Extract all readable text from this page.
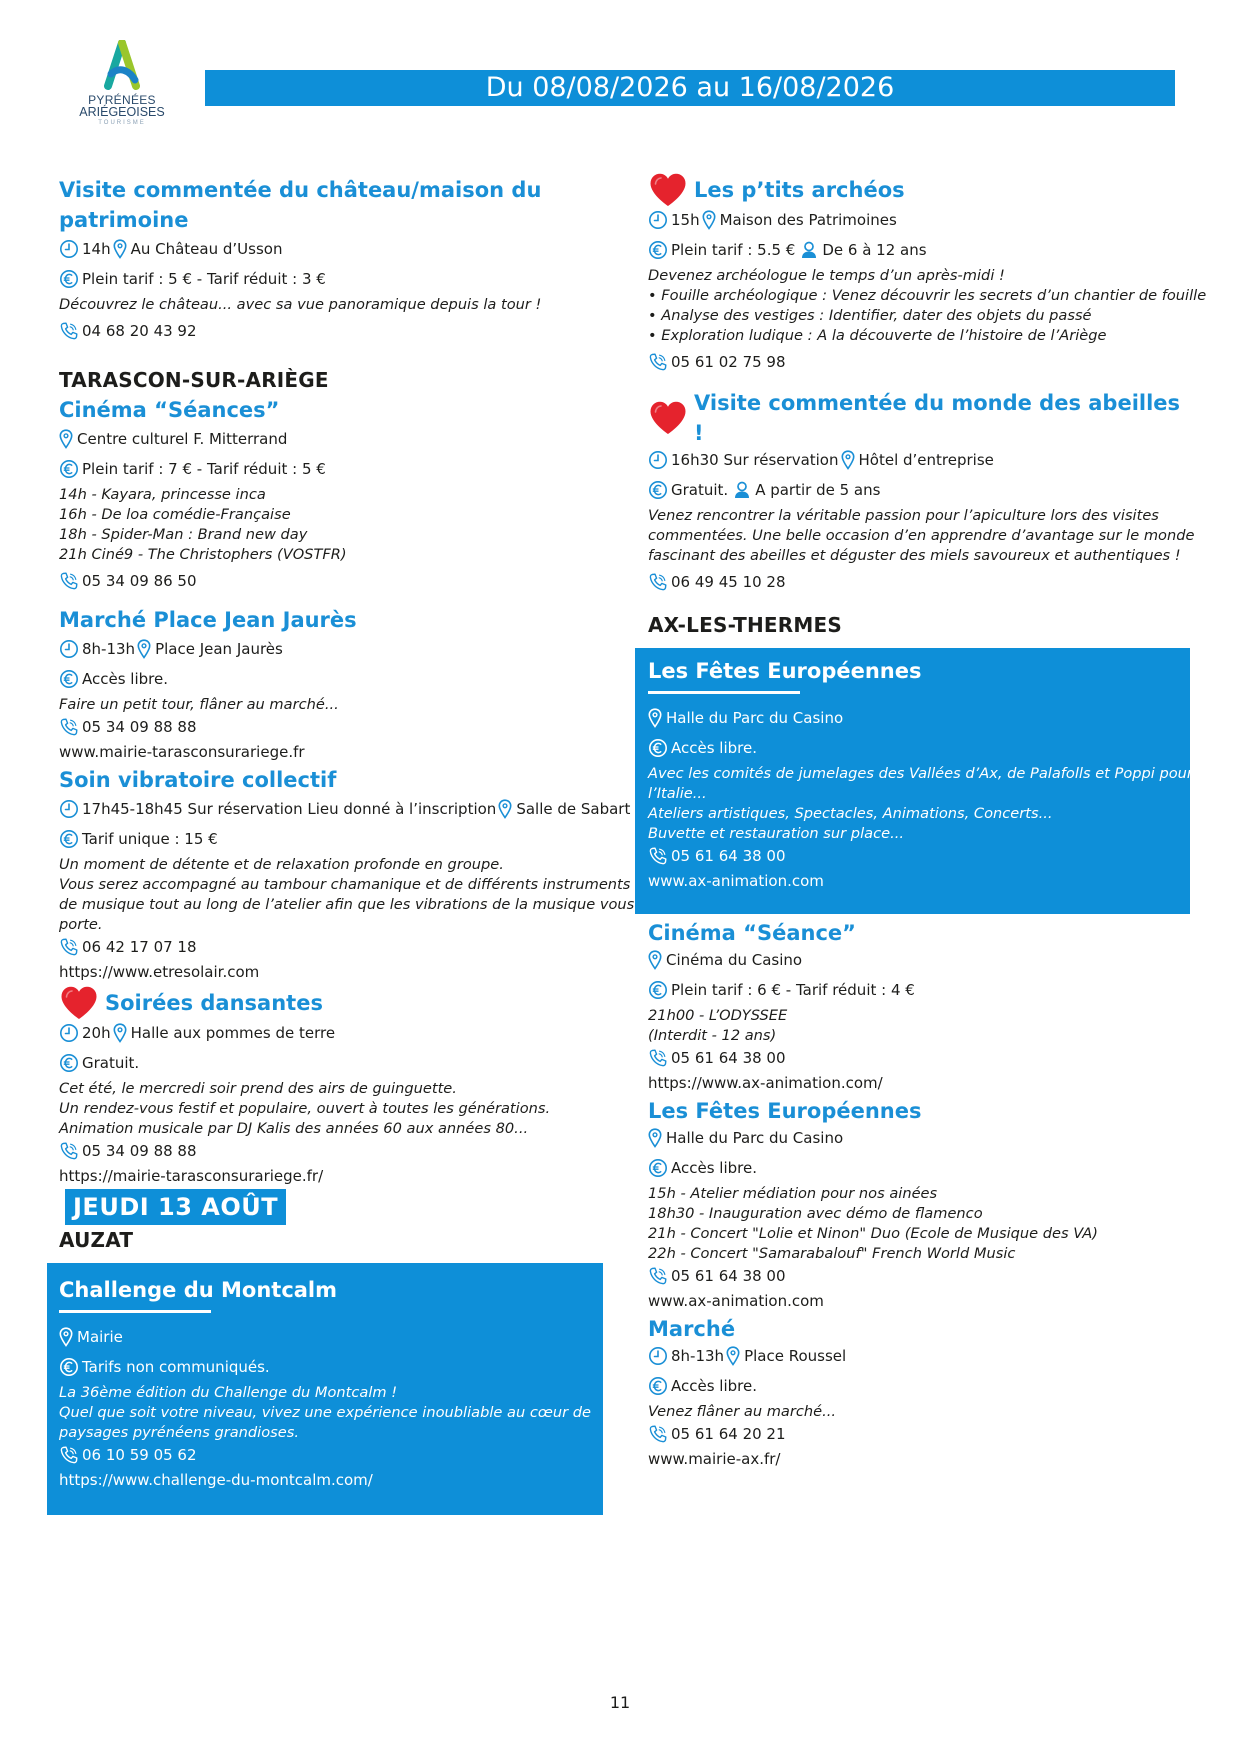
PYRÉNÉES
ARIÉGEOISES
TOURISME
Du 08/08/2026 au 16/08/2026
Visite commentée du château/maison du patrimoine
14h Au Château d’Usson
Plein tarif : 5 € - Tarif réduit : 3 €
Découvrez le château... avec sa vue panoramique depuis la tour !
04 68 20 43 92
TARASCON-SUR-ARIÈGE
Cinéma “Séances”
Centre culturel F. Mitterrand
Plein tarif : 7 € - Tarif réduit : 5 €
14h - Kayara, princesse inca
16h - De loa comédie-Française
18h - Spider-Man : Brand new day
21h Ciné9 - The Christophers (VOSTFR)
05 34 09 86 50
Marché Place Jean Jaurès
8h-13h Place Jean Jaurès
Accès libre.
Faire un petit tour, flâner au marché...
05 34 09 88 88
www.mairie-tarasconsurariege.fr
Soin vibratoire collectif
17h45-18h45 Sur réservation Lieu donné à l’inscription Salle de Sabart
Tarif unique : 15 €
Un moment de détente et de relaxation profonde en groupe.
Vous serez accompagné au tambour chamanique et de différents instruments
de musique tout au long de l’atelier afin que les vibrations de la musique vous
porte.
06 42 17 07 18
https://www.etresolair.com
Soirées dansantes
20h Halle aux pommes de terre
Gratuit.
Cet été, le mercredi soir prend des airs de guinguette.
Un rendez-vous festif et populaire, ouvert à toutes les générations.
Animation musicale par DJ Kalis des années 60 aux années 80...
05 34 09 88 88
https://mairie-tarasconsurariege.fr/
JEUDI 13 AOÛT
AUZAT
Challenge du Montcalm
Mairie
Tarifs non communiqués.
La 36ème édition du Challenge du Montcalm !
Quel que soit votre niveau, vivez une expérience inoubliable au cœur de
paysages pyrénéens grandioses.
06 10 59 05 62
https://www.challenge-du-montcalm.com/
Les p’tits archéos
15h Maison des Patrimoines
Plein tarif : 5.5 € De 6 à 12 ans
Devenez archéologue le temps d’un après-midi !
• Fouille archéologique : Venez découvrir les secrets d’un chantier de fouille
• Analyse des vestiges : Identifier, dater des objets du passé
• Exploration ludique : A la découverte de l’histoire de l’Ariège
05 61 02 75 98
Visite commentée du monde des abeilles !
16h30 Sur réservation Hôtel d’entreprise
Gratuit. A partir de 5 ans
Venez rencontrer la véritable passion pour l’apiculture lors des visites
commentées. Une belle occasion d’en apprendre d’avantage sur le monde
fascinant des abeilles et déguster des miels savoureux et authentiques !
06 49 45 10 28
AX-LES-THERMES
Les Fêtes Européennes
Halle du Parc du Casino
Accès libre.
Avec les comités de jumelages des Vallées d’Ax, de Palafolls et Poppi pour
l’Italie...
Ateliers artistiques, Spectacles, Animations, Concerts...
Buvette et restauration sur place...
05 61 64 38 00
www.ax-animation.com
Cinéma “Séance”
Cinéma du Casino
Plein tarif : 6 € - Tarif réduit : 4 €
21h00 - L’ODYSSEE
(Interdit - 12 ans)
05 61 64 38 00
https://www.ax-animation.com/
Les Fêtes Européennes
Halle du Parc du Casino
Accès libre.
15h - Atelier médiation pour nos ainées
18h30 - Inauguration avec démo de flamenco
21h - Concert "Lolie et Ninon" Duo (Ecole de Musique des VA)
22h - Concert "Samarabalouf" French World Music
05 61 64 38 00
www.ax-animation.com
Marché
8h-13h Place Roussel
Accès libre.
Venez flâner au marché...
05 61 64 20 21
www.mairie-ax.fr/
11
